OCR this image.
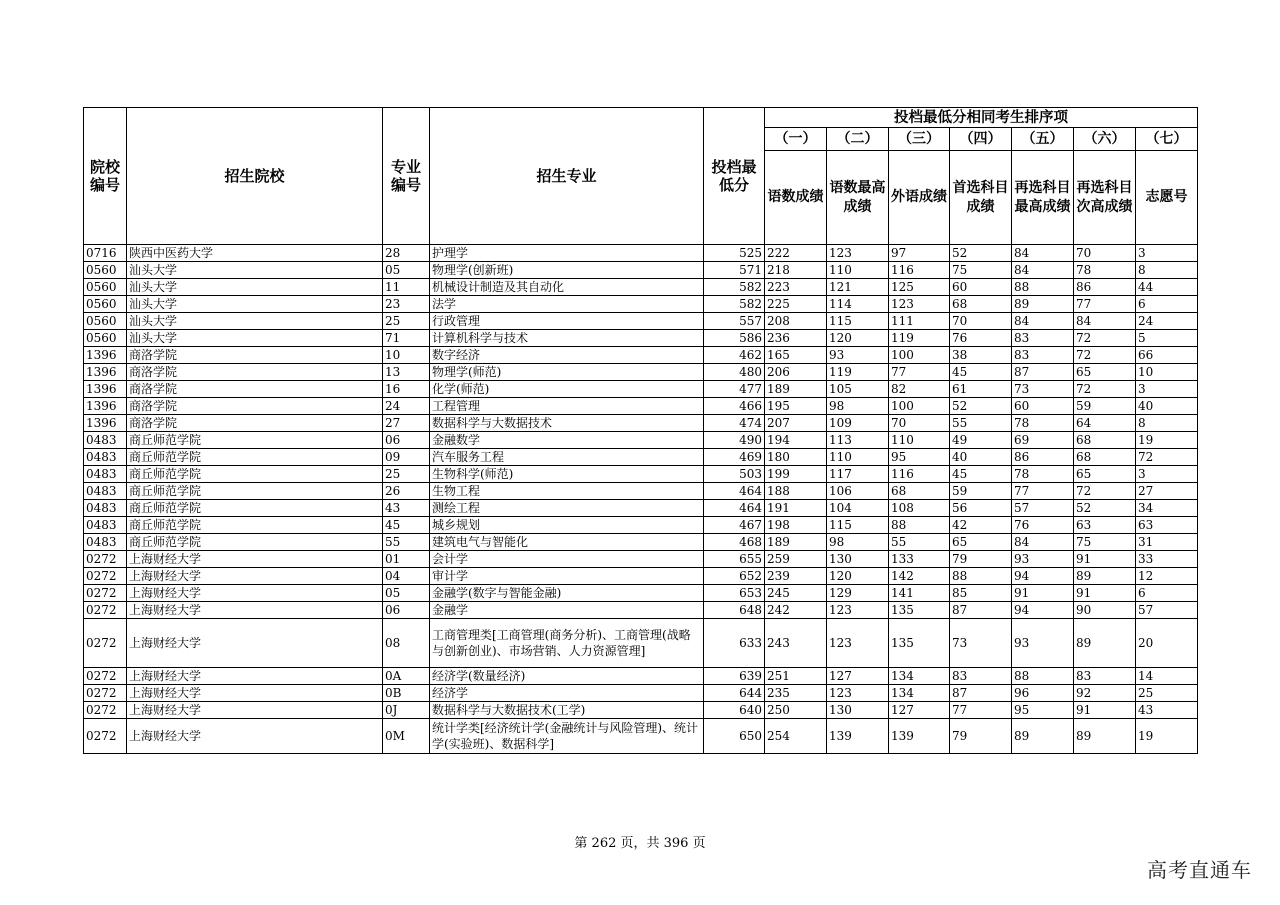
院校编号	招生院校	专业编号	招生专业	投档最低分	投档最低分相同考生排序项						
					（一）	（二）	（三）	（四）	（五）	（六）	（七）
					语数成绩	语数最高成绩	外语成绩	首选科目成绩	再选科目最高成绩	再选科目次高成绩	志愿号
0716	陕西中医药大学	28	护理学	525	222	123	97	52	84	70	3
0560	汕头大学	05	物理学(创新班)	571	218	110	116	75	84	78	8
0560	汕头大学	11	机械设计制造及其自动化	582	223	121	125	60	88	86	44
0560	汕头大学	23	法学	582	225	114	123	68	89	77	6
0560	汕头大学	25	行政管理	557	208	115	111	70	84	84	24
0560	汕头大学	71	计算机科学与技术	586	236	120	119	76	83	72	5
1396	商洛学院	10	数字经济	462	165	93	100	38	83	72	66
1396	商洛学院	13	物理学(师范)	480	206	119	77	45	87	65	10
1396	商洛学院	16	化学(师范)	477	189	105	82	61	73	72	3
1396	商洛学院	24	工程管理	466	195	98	100	52	60	59	40
1396	商洛学院	27	数据科学与大数据技术	474	207	109	70	55	78	64	8
0483	商丘师范学院	06	金融数学	490	194	113	110	49	69	68	19
0483	商丘师范学院	09	汽车服务工程	469	180	110	95	40	86	68	72
0483	商丘师范学院	25	生物科学(师范)	503	199	117	116	45	78	65	3
0483	商丘师范学院	26	生物工程	464	188	106	68	59	77	72	27
0483	商丘师范学院	43	测绘工程	464	191	104	108	56	57	52	34
0483	商丘师范学院	45	城乡规划	467	198	115	88	42	76	63	63
0483	商丘师范学院	55	建筑电气与智能化	468	189	98	55	65	84	75	31
0272	上海财经大学	01	会计学	655	259	130	133	79	93	91	33
0272	上海财经大学	04	审计学	652	239	120	142	88	94	89	12
0272	上海财经大学	05	金融学(数字与智能金融)	653	245	129	141	85	91	91	6
0272	上海财经大学	06	金融学	648	242	123	135	87	94	90	57
0272	上海财经大学	08	工商管理类[工商管理(商务分析)、工商管理(战略与创新创业)、市场营销、人力资源管理]	633	243	123	135	73	93	89	20
0272	上海财经大学	0A	经济学(数量经济)	639	251	127	134	83	88	83	14
0272	上海财经大学	0B	经济学	644	235	123	134	87	96	92	25
0272	上海财经大学	0J	数据科学与大数据技术(工学)	640	250	130	127	77	95	91	43
0272	上海财经大学	0M	统计学类[经济统计学(金融统计与风险管理)、统计学(实验班)、数据科学]	650	254	139	139	79	89	89	19
第 262 页，共 396 页
高考直通车
